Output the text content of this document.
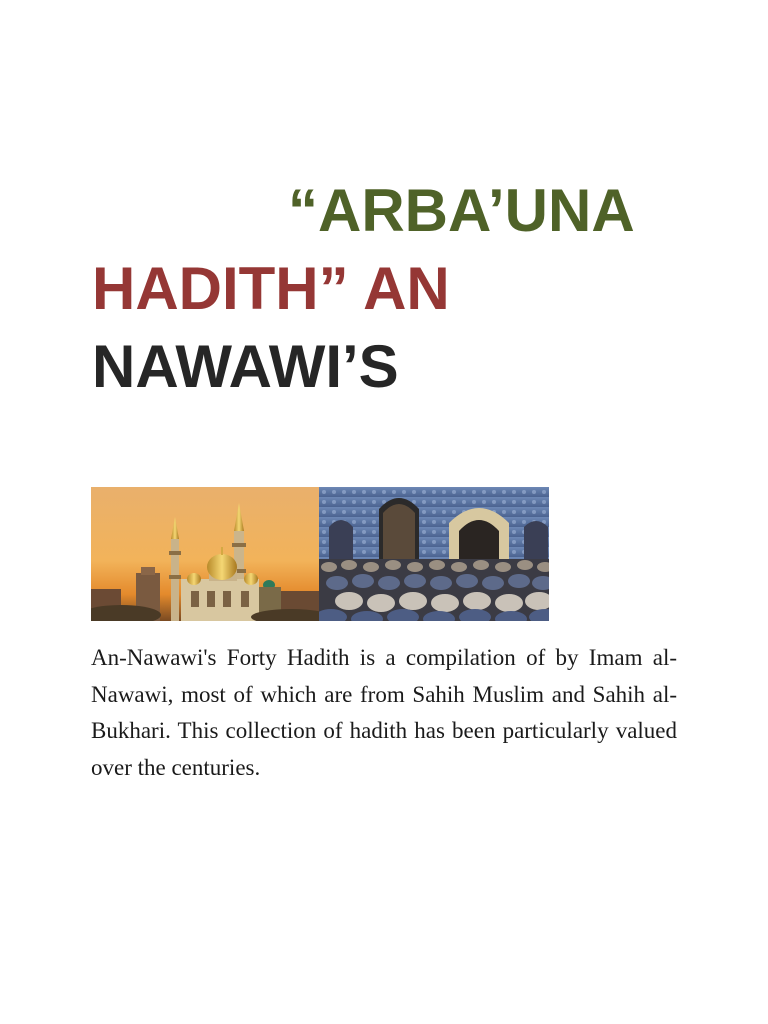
“ARBA’UNA
HADITH” AN
NAWAWI’S

An-Nawawi's Forty Hadith is a compilation of by Imam al-Nawawi, most of which are from Sahih Muslim and Sahih al-Bukhari. This collection of hadith has been particularly valued over the centuries.
